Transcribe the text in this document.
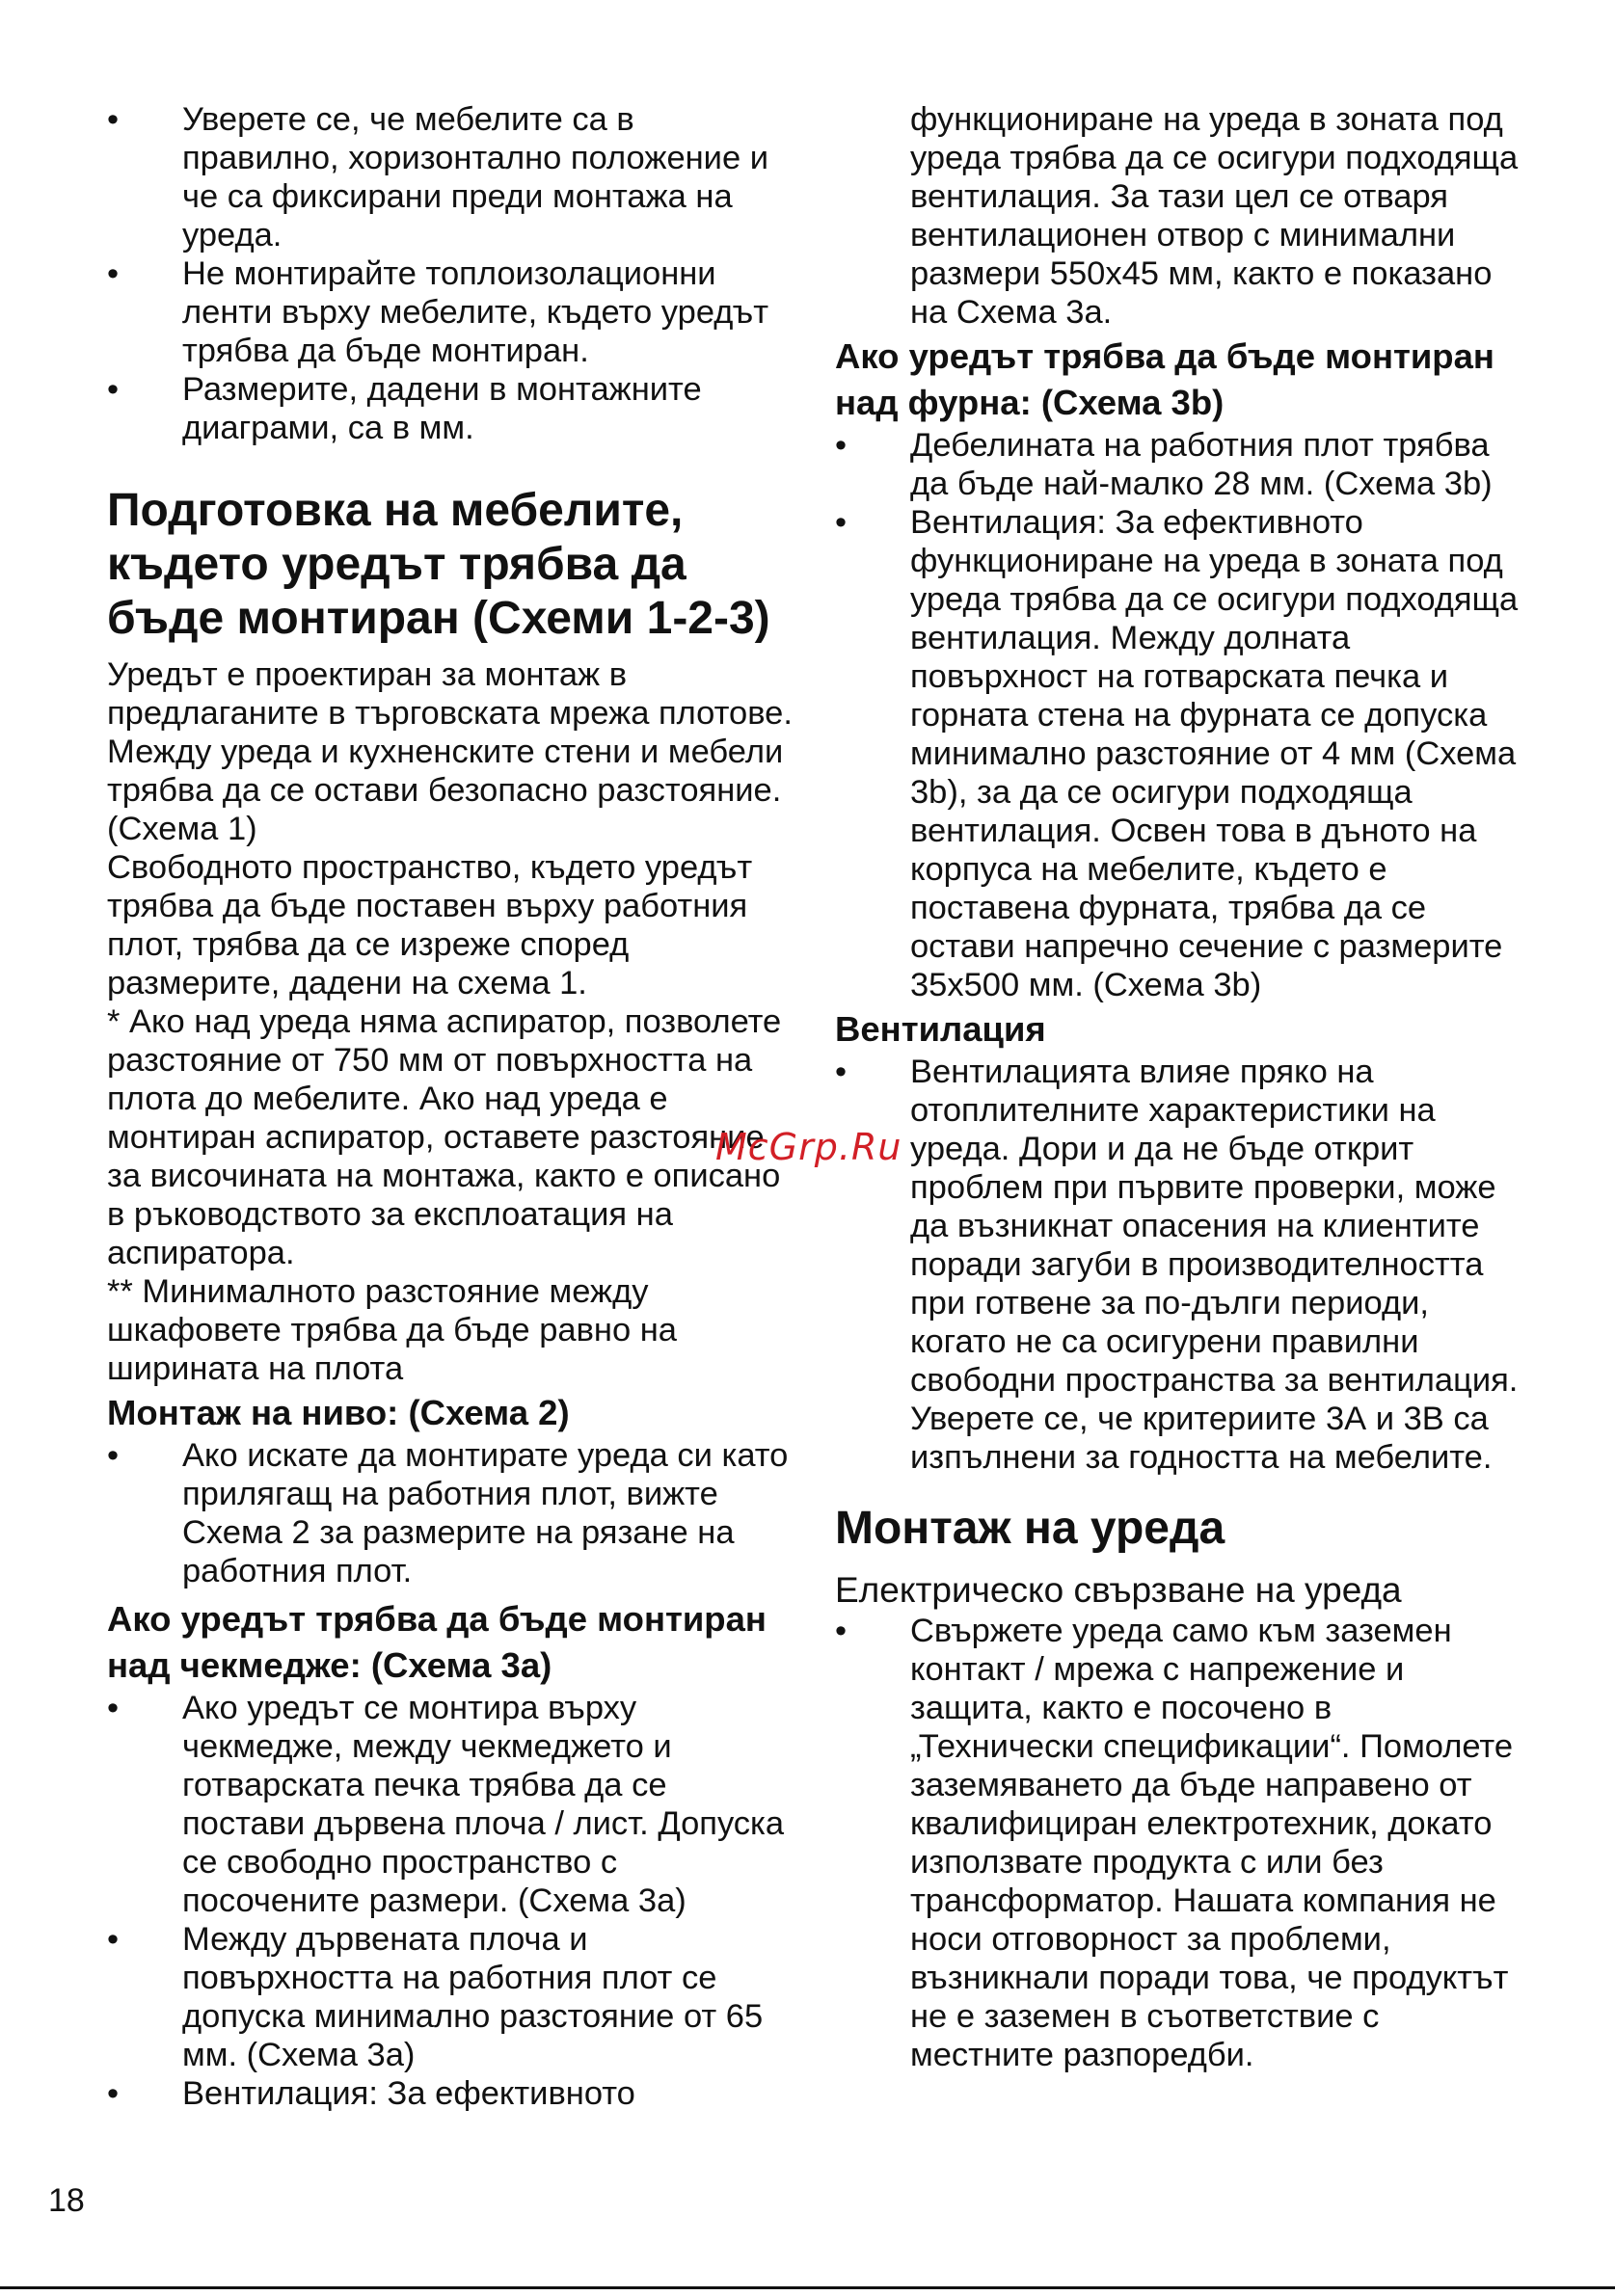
• Уверете се, че мебелите са в правилно, хоризонтално положение и че са фиксирани преди монтажа на уреда.
• Не монтирайте топлоизолационни ленти върху мебелите, където уредът трябва да бъде монтиран.
• Размерите, дадени в монтажните диаграми, са в мм.
Подготовка на мебелите, където уредът трябва да бъде монтиран (Схеми 1-2-3)

Уредът е проектиран за монтаж в предлаганите в търговската мрежа плотове. Между уреда и кухненските стени и мебели трябва да се остави безопасно разстояние. (Схема 1)

Свободното пространство, където уредът трябва да бъде поставен върху работния плот, трябва да се изреже според размерите, дадени на схема 1.

* Ако над уреда няма аспиратор, позволете разстояние от 750 мм от повърхността на плота до мебелите. Ако над уреда е монтиран аспиратор, оставете разстояние за височината на монтажа, както е описано в ръководството за експлоатация на аспиратора.

** Минималното разстояние между шкафовете трябва да бъде равно на ширината на плота

Монтаж на ниво: (Схема 2)
• Ако искате да монтирате уреда си като прилягащ на работния плот, вижте Схема 2 за размерите на рязане на работния плот.
Ако уредът трябва да бъде монтиран над чекмедже: (Схема 3а)
• Ако уредът се монтира върху чекмедже, между чекмеджето и готварската печка трябва да се постави дървена плоча / лист. Допуска се свободно пространство с посочените размери. (Схема 3а)
• Между дървената плоча и повърхността на работния плот се допуска минимално разстояние от 65 мм. (Схема 3а)
• Вентилация: За ефективното

функциониране на уреда в зоната под уреда трябва да се осигури подходяща вентилация. За тази цел се отваря вентилационен отвор с минимални размери 550x45 мм, както е показано на Схема 3а.

Ако уредът трябва да бъде монтиран над фурна: (Схема 3b)
• Дебелината на работния плот трябва да бъде най-малко 28 мм. (Схема 3b)
• Вентилация: За ефективното функциониране на уреда в зоната под уреда трябва да се осигури подходяща вентилация. Между долната повърхност на готварската печка и горната стена на фурната се допуска минимално разстояние от 4 мм (Схема 3b), за да се осигури подходяща вентилация. Освен това в дъното на корпуса на мебелите, където е поставена фурната, трябва да се остави напречно сечение с размерите 35x500 мм. (Схема 3b)
Вентилация
• Вентилацията влияе пряко на отоплителните характеристики на уреда. Дори и да не бъде открит проблем при първите проверки, може да възникнат опасения на клиентите поради загуби в производителността при готвене за по-дълги периоди, когато не са осигурени правилни свободни пространства за вентилация. Уверете се, че критериите 3А и 3В са изпълнени за годността на мебелите.
Монтаж на уреда
Електрическо свързване на уреда
• Свържете уреда само към заземен контакт / мрежа с напрежение и защита, както е посочено в „Технически спецификации“. Помолете заземяването да бъде направено от квалифициран електротехник, докато използвате продукта с или без трансформатор. Нашата компания не носи отговорност за проблеми, възникнали поради това, че продуктът не е заземен в съответствие с местните разпоредби.
McGrp.Ru
18
